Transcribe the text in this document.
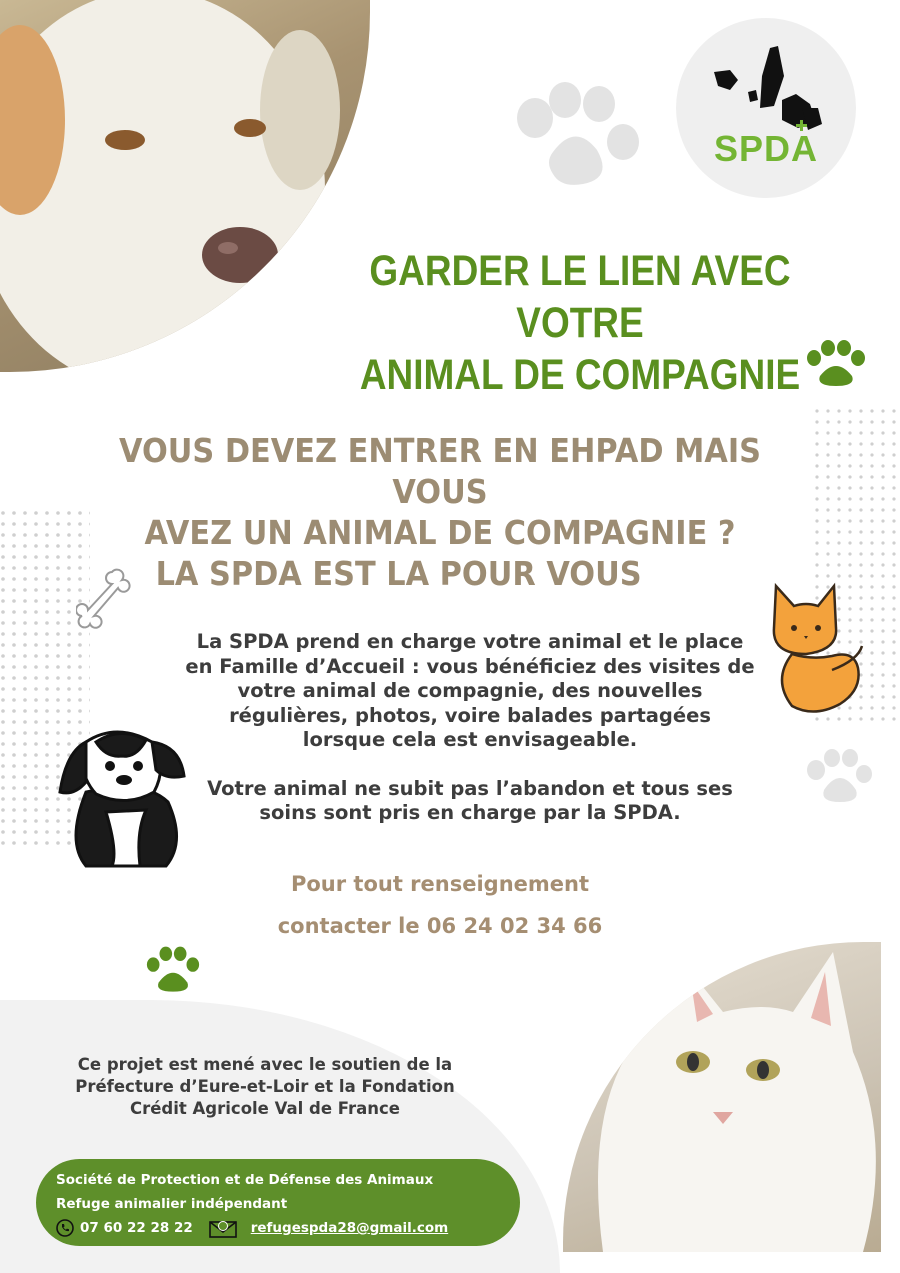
SPDA
GARDER LE LIEN AVEC VOTRE
ANIMAL DE COMPAGNIE
VOUS DEVEZ ENTRER EN EHPAD MAIS VOUS
AVEZ UN ANIMAL DE COMPAGNIE ?
LA SPDA EST LA POUR VOUS

La SPDA prend en charge votre animal et le place en Famille d’Accueil : vous bénéficiez des visites de votre animal de compagnie, des nouvelles régulières, photos, voire balades partagées lorsque cela est envisageable.

Votre animal ne subit pas l’abandon et tous ses soins sont pris en charge par la SPDA.

Pour tout renseignement
contacter le 06 24 02 34 66
Ce projet est mené avec le soutien de la
Préfecture d’Eure-et-Loir et la Fondation
Crédit Agricole Val de France
Société de Protection et de Défense des Animaux
Refuge animalier indépendant
07 60 22 28 22	refugespda28@gmail.com
